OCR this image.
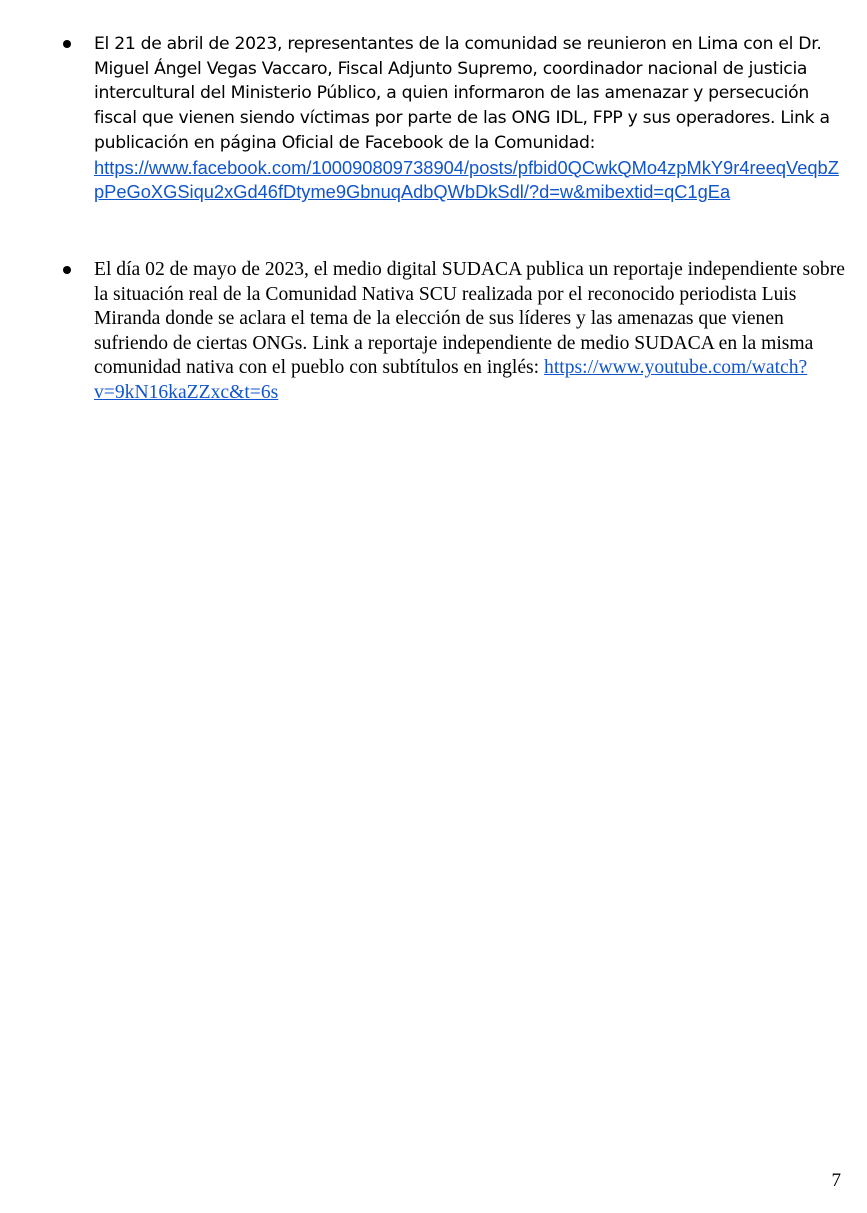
El 21 de abril de 2023, representantes de la comunidad se reunieron en Lima con el Dr. Miguel Ángel Vegas Vaccaro, Fiscal Adjunto Supremo, coordinador nacional de justicia intercultural del Ministerio Público, a quien informaron de las amenazar y persecución fiscal que vienen siendo víctimas por parte de las ONG IDL, FPP y sus operadores. Link a publicación en página Oficial de Facebook de la Comunidad:
https://www.facebook.com/100090809738904/posts/pfbid0QCwkQMo4zpMkY9r4reeqVeqbZpPeGoXGSiqu2xGd46fDtyme9GbnuqAdbQWbDkSdl/?d=w&mibextid=qC1gEa
El día 02 de mayo de 2023, el medio digital SUDACA publica un reportaje independiente sobre la situación real de la Comunidad Nativa SCU realizada por el reconocido periodista Luis Miranda donde se aclara el tema de la elección de sus líderes y las amenazas que vienen sufriendo de ciertas ONGs. Link a reportaje independiente de medio SUDACA en la misma comunidad nativa con el pueblo con subtítulos en inglés: https://www.youtube.com/watch?v=9kN16kaZZxc&t=6s
7
